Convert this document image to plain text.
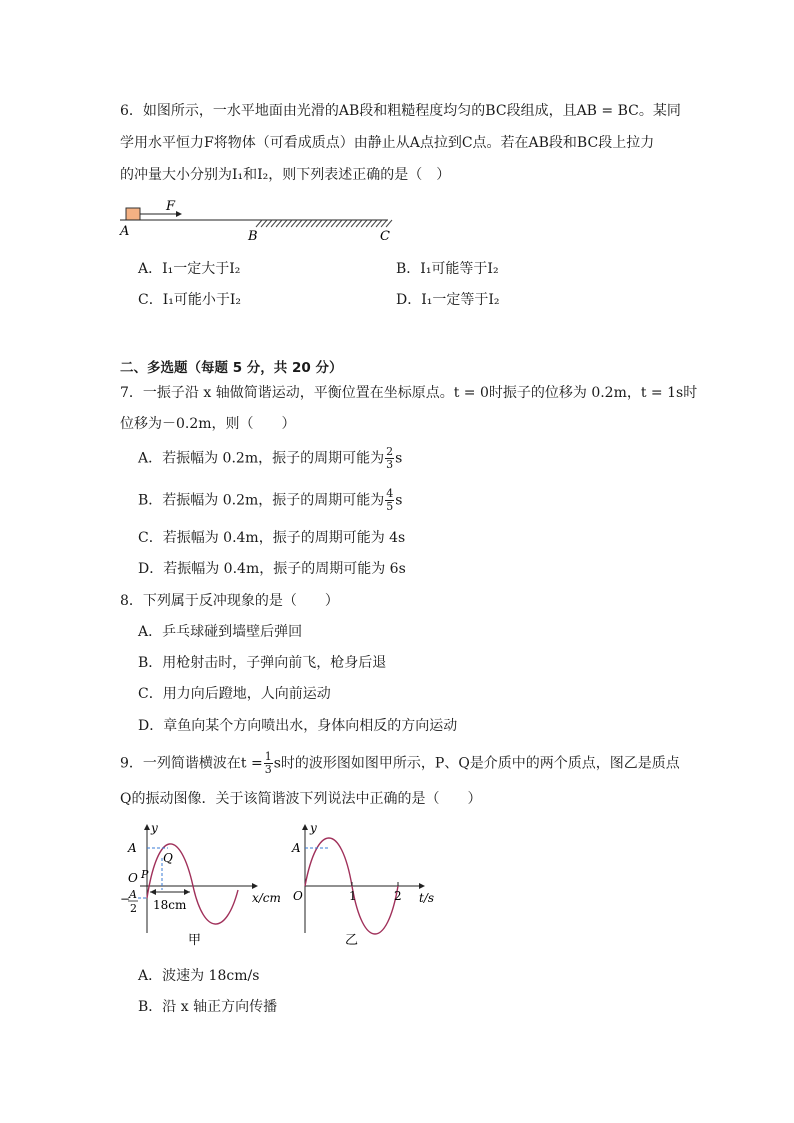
6．如图所示，一水平地面由光滑的AB段和粗糙程度均匀的BC段组成，且AB = BC。某同
学用水平恒力F将物体（可看成质点）由静止从A点拉到C点。若在AB段和BC段上拉力
的冲量大小分别为I₁和I₂，则下列表述正确的是（　）
F
A	B	C
A．I₁一定大于I₂	B．I₁可能等于I₂
C．I₁可能小于I₂	D．I₁一定等于I₂
二、多选题（每题 5 分，共 20 分）
7．一振子沿 x 轴做简谐运动，平衡位置在坐标原点。t = 0时振子的位移为 0.2m，t = 1s时
位移为－0.2m，则（　　）
A．若振幅为 0.2m，振子的周期可能为 $\frac{2}{3}$ s
B．若振幅为 0.2m，振子的周期可能为 $\frac{4}{5}$ s
C．若振幅为 0.4m，振子的周期可能为 4s
D．若振幅为 0.4m，振子的周期可能为 6s
8．下列属于反冲现象的是（　　）
A．乒乓球碰到墙壁后弹回
B．用枪射击时，子弹向前飞，枪身后退
C．用力向后蹬地，人向前运动
D．章鱼向某个方向喷出水，身体向相反的方向运动
9．一列简谐横波在$t = \frac{1}{3}$ s时的波形图如图甲所示，P、Q是介质中的两个质点，图乙是质点
Q的振动图像．关于该简谐波下列说法中正确的是（　　）
18cm
y
x/cm
A
O P
Q
−
A
2
甲
y
t/s
A
O	1	2
乙
A．波速为 18cm/s
B．沿 x 轴正方向传播
